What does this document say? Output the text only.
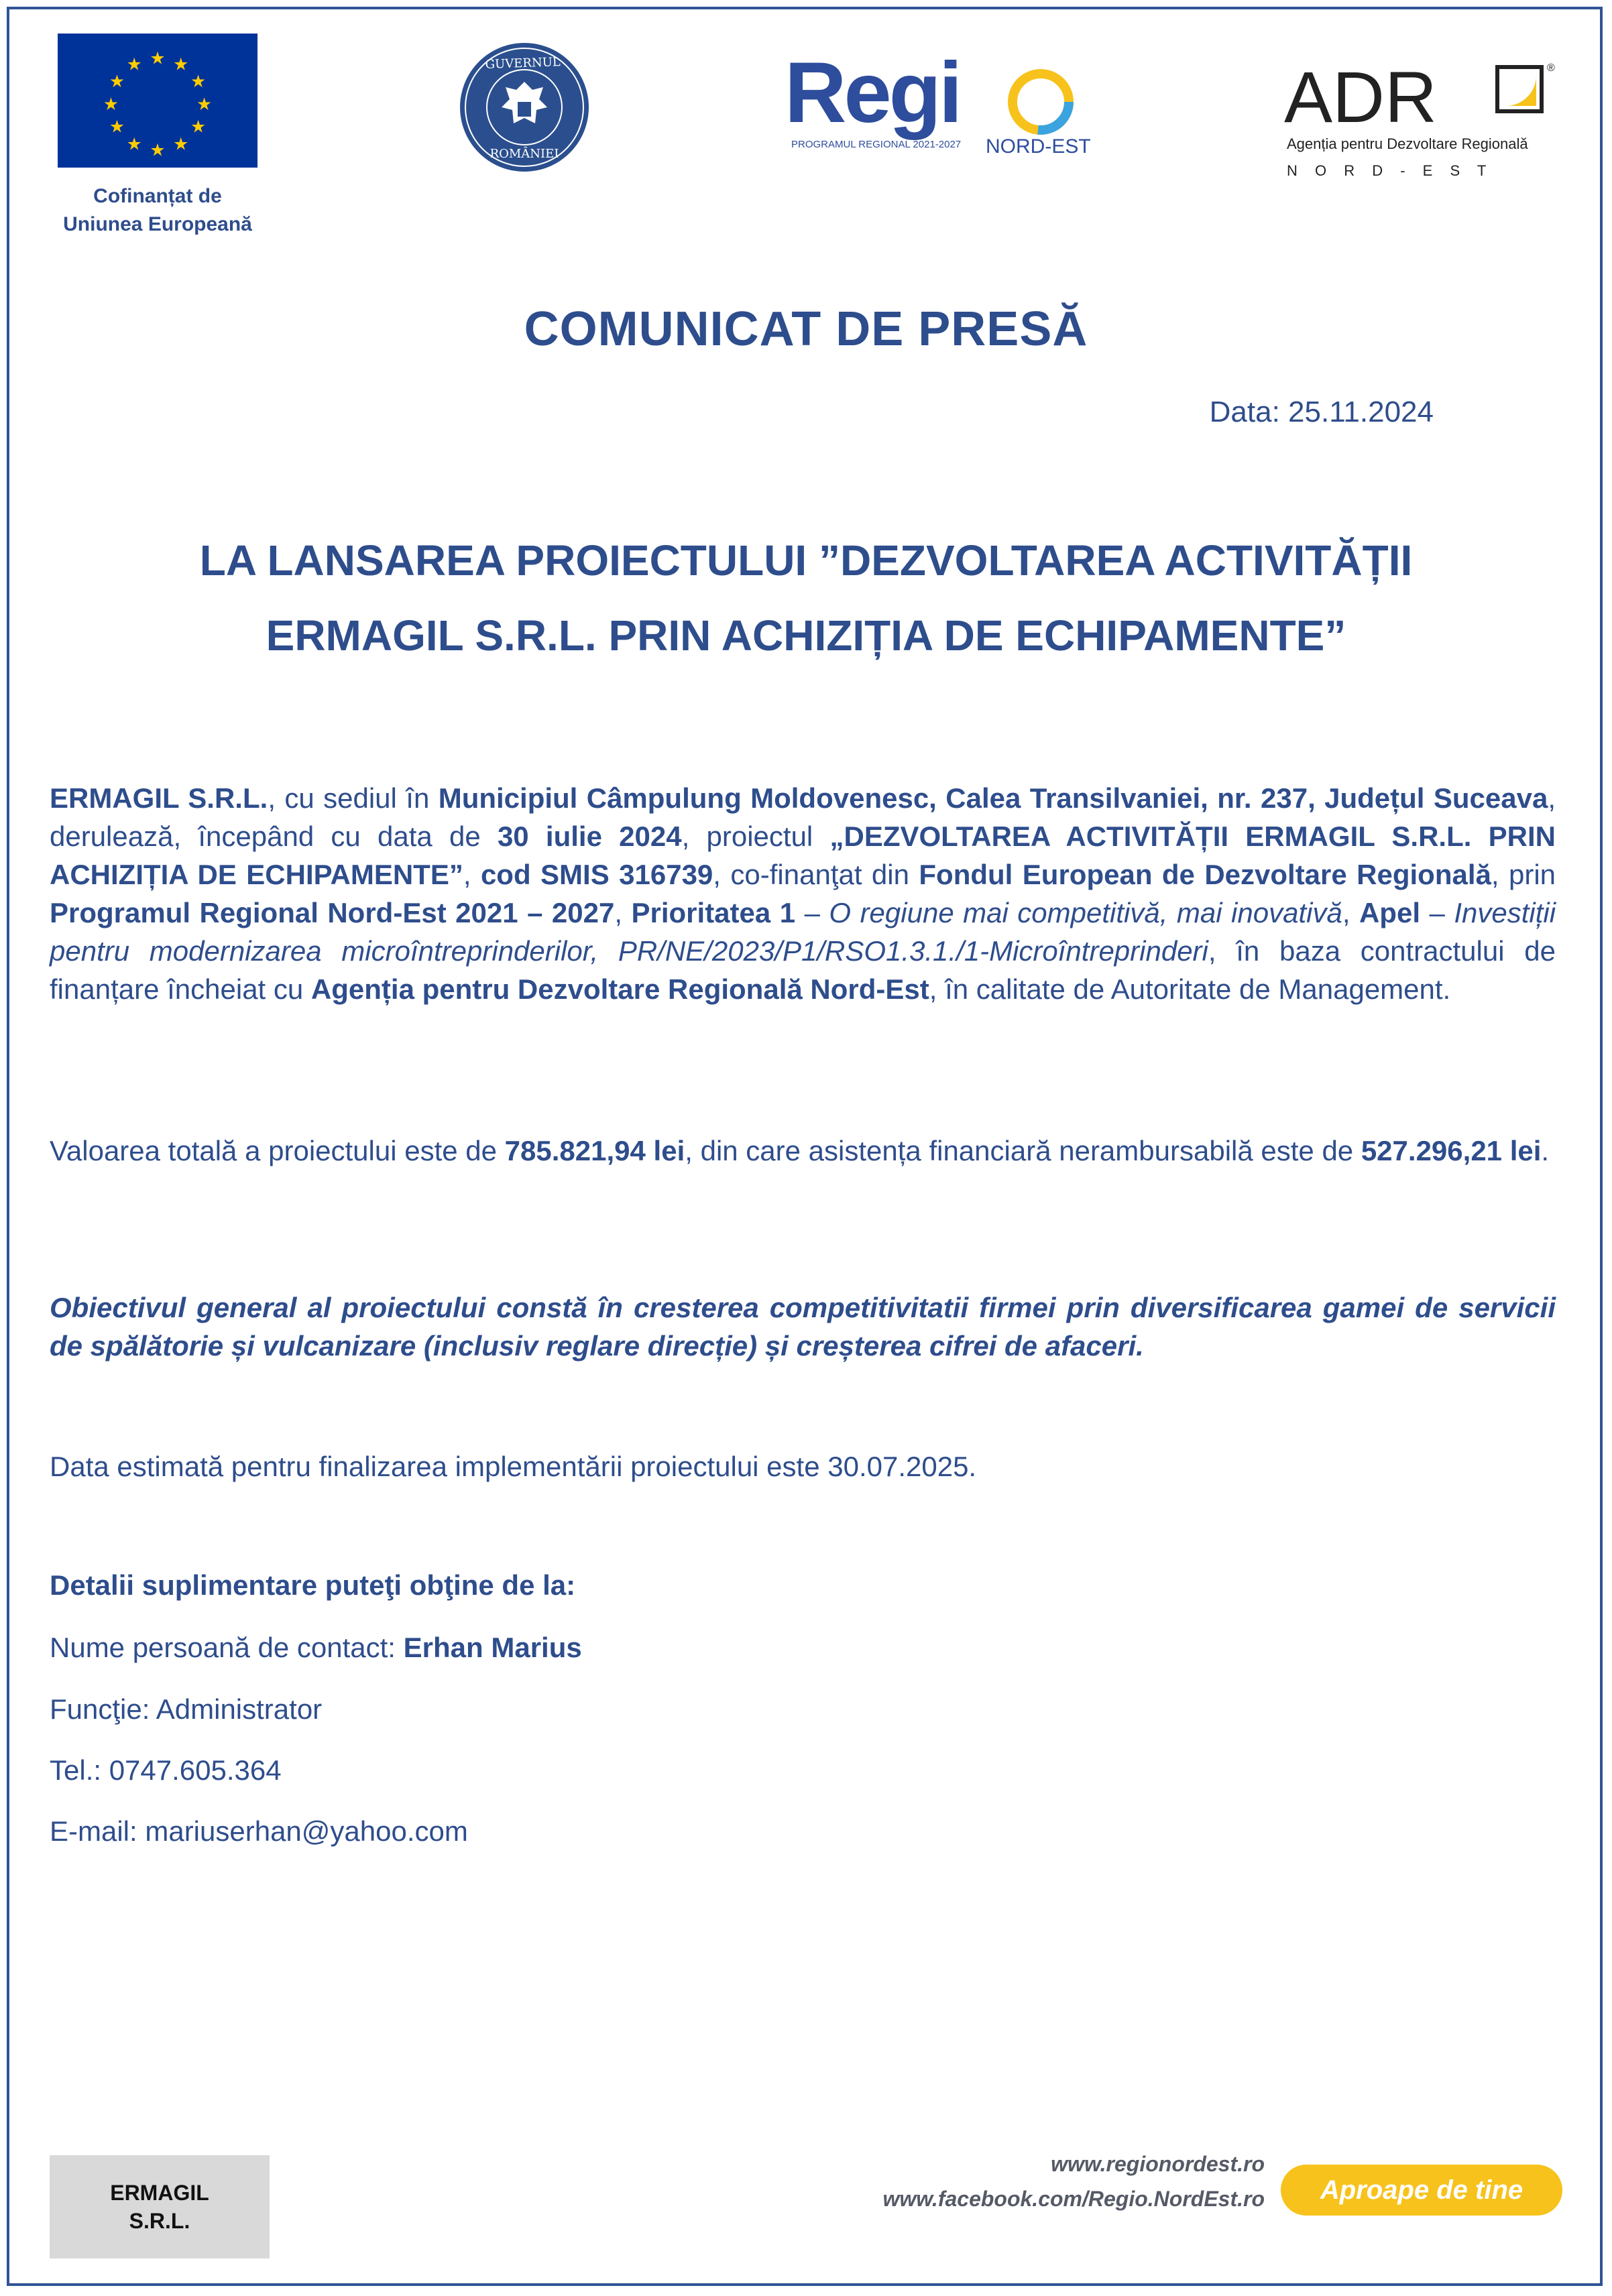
★ ★
★
★
★
★
★
★
★
★
★
★
Cofinanțat de
Uniunea Europeană
GUVERNUL
ROMÂNIEI
Regi
PROGRAMUL REGIONAL 2021-2027 NORD-EST
ADR	®
Agenția pentru Dezvoltare Regională
N O R D - E S T
COMUNICAT DE PRESĂ
Data: 25.11.2024
LA LANSAREA PROIECTULUI ”DEZVOLTAREA ACTIVITĂȚII
ERMAGIL S.R.L. PRIN ACHIZIȚIA DE ECHIPAMENTE”
ERMAGIL S.R.L., cu sediul în Municipiul Câmpulung Moldovenesc, Calea Transilvaniei, nr. 237, Județul Suceava, derulează, începând cu data de 30 iulie 2024, proiectul „DEZVOLTAREA ACTIVITĂȚII ERMAGIL S.R.L. PRIN ACHIZIȚIA DE ECHIPAMENTE”, cod SMIS 316739, co-finanţat din Fondul European de Dezvoltare Regională, prin Programul Regional Nord-Est 2021 – 2027, Prioritatea 1 – O regiune mai competitivă, mai inovativă, Apel – Investiții pentru modernizarea microîntreprinderilor, PR/NE/2023/P1/RSO1.3.1./1-Microîntreprinderi, în baza contractului de finanțare încheiat cu Agenția pentru Dezvoltare Regională Nord-Est, în calitate de Autoritate de Management.
Valoarea totală a proiectului este de 785.821,94 lei, din care asistența financiară nerambursabilă este de 527.296,21 lei.
Obiectivul general al proiectului constă în cresterea competitivitatii firmei prin diversificarea gamei de servicii de spălătorie și vulcanizare (inclusiv reglare direcție) și creșterea cifrei de afaceri.
Data estimată pentru finalizarea implementării proiectului este 30.07.2025.
Detalii suplimentare puteţi obţine de la:
Nume persoană de contact: Erhan Marius
Funcţie: Administrator
Tel.: 0747.605.364
E-mail: mariuserhan@yahoo.com
ERMAGIL
S.R.L.
www.regionordest.ro
www.facebook.com/Regio.NordEst.ro	Aproape de tine
